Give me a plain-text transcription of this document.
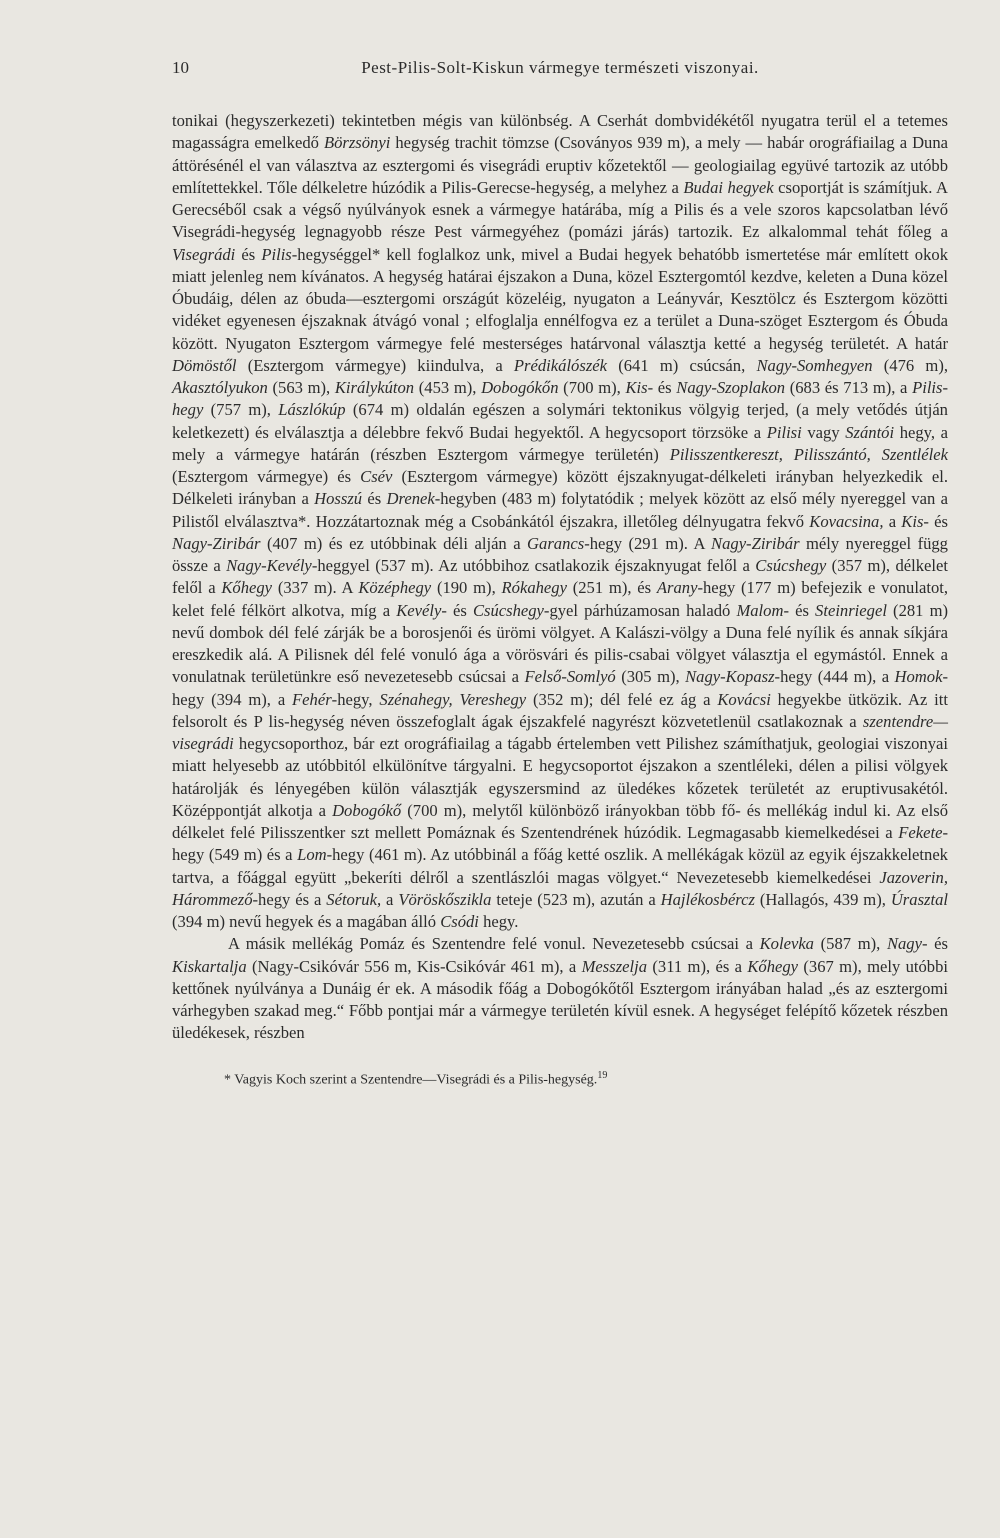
10	Pest-Pilis-Solt-Kiskun vármegye természeti viszonyai.

tonikai (hegyszerkezeti) tekintetben mégis van különbség. A Cserhát dombvidékétől nyugatra terül el a tetemes magasságra emelkedő Börzsönyi hegység trachit tömzse (Csoványos 939 m), a mely — habár orográfiailag a Duna áttörésénél el van választva az esztergomi és visegrádi eruptiv kőzetektől — geologiailag együvé tartozik az utóbb említettekkel. Tőle délkeletre húzódik a Pilis-Gerecse-hegység, a melyhez a Budai hegyek csoportját is számítjuk. A Gerecséből csak a végső nyúlványok esnek a vármegye határába, míg a Pilis és a vele szoros kapcsolatban lévő Visegrádi-hegység legnagyobb része Pest vármegyéhez (pomázi járás) tartozik. Ez alkalommal tehát főleg a Visegrádi és Pilis-hegységgel* kell foglalkoz unk, mivel a Budai hegyek behatóbb ismertetése már említett okok miatt jelenleg nem kívánatos. A hegység határai éjszakon a Duna, közel Esztergomtól kezdve, keleten a Duna közel Óbudáig, délen az óbuda—esztergomi országút közeléig, nyugaton a Leányvár, Kesztölcz és Esztergom közötti vidéket egyenesen éjszaknak átvágó vonal ; elfoglalja ennélfogva ez a terület a Duna-szöget Esztergom és Óbuda között. Nyugaton Esztergom vármegye felé mesterséges határvonal választja ketté a hegység területét. A határ Dömöstől (Esztergom vármegye) kiindulva, a Prédikálószék (641 m) csúcsán, Nagy-Somhegyen (476 m), Akasztólyukon (563 m), Királykúton (453 m), Dobogókőn (700 m), Kis- és Nagy-Szoplakon (683 és 713 m), a Pilis-hegy (757 m), Lászlókúp (674 m) oldalán egészen a solymári tektonikus völgyig terjed, (a mely vetődés útján keletkezett) és elválasztja a délebbre fekvő Budai hegyektől. A hegycsoport törzsöke a Pilisi vagy Szántói hegy, a mely a vármegye határán (részben Esztergom vármegye területén) Pilisszentkereszt, Pilisszántó, Szentlélek (Esztergom vármegye) és Csév (Esztergom vármegye) között éjszaknyugat-délkeleti irányban helyezkedik el. Délkeleti irányban a Hosszú és Drenek-hegyben (483 m) folytatódik ; melyek között az első mély nyereggel van a Pilistől elválasztva*. Hozzátartoznak még a Csobánkától éjszakra, illetőleg délnyugatra fekvő Kovacsina, a Kis- és Nagy-Ziribár (407 m) és ez utóbbinak déli alján a Garancs-hegy (291 m). A Nagy-Ziribár mély nyereggel függ össze a Nagy-Kevély-heggyel (537 m). Az utóbbihoz csatlakozik éjszaknyugat felől a Csúcshegy (357 m), délkelet felől a Kőhegy (337 m). A Középhegy (190 m), Rókahegy (251 m), és Arany-hegy (177 m) befejezik e vonulatot, kelet felé félkört alkotva, míg a Kevély- és Csúcshegy-gyel párhúzamosan haladó Malom- és Steinriegel (281 m) nevű dombok dél felé zárják be a borosjenői és ürömi völgyet. A Kalászi-völgy a Duna felé nyílik és annak síkjára ereszkedik alá. A Pilisnek dél felé vonuló ága a vörösvári és pilis-csabai völgyet választja el egymástól. Ennek a vonulatnak területünkre eső nevezetesebb csúcsai a Felső-Somlyó (305 m), Nagy-Kopasz-hegy (444 m), a Homok-hegy (394 m), a Fehér-hegy, Szénahegy, Vereshegy (352 m); dél felé ez ág a Kovácsi hegyekbe ütközik. Az itt felsorolt és P lis-hegység néven összefoglalt ágak éjszakfelé nagyrészt közvetetlenül csatlakoznak a szentendre—visegrádi hegycsoporthoz, bár ezt orográfiailag a tágabb értelemben vett Pilishez számíthatjuk, geologiai viszonyai miatt helyesebb az utóbbitól elkülönítve tárgyalni. E hegycsoportot éjszakon a szentléleki, délen a pilisi völgyek határolják és lényegében külön választják egyszersmind az üledékes kőzetek területét az eruptivusakétól. Középpontját alkotja a Dobogókő (700 m), melytől különböző irányokban több fő- és mellékág indul ki. Az első délkelet felé Pilisszentker szt mellett Pomáznak és Szentendrének húzódik. Legmagasabb kiemelkedései a Fekete-hegy (549 m) és a Lom-hegy (461 m). Az utóbbinál a főág ketté oszlik. A mellékágak közül az egyik éjszakkeletnek tartva, a főággal együtt „bekeríti délről a szentlászlói magas völgyet.“ Nevezetesebb kiemelkedései Jazoverin, Hárommező-hegy és a Sétoruk, a Vöröskőszikla teteje (523 m), azután a Hajlékosbércz (Hallagós, 439 m), Úrasztal (394 m) nevű hegyek és a magában álló Csódi hegy.

A másik mellékág Pomáz és Szentendre felé vonul. Nevezetesebb csúcsai a Kolevka (587 m), Nagy- és Kiskartalja (Nagy-Csikóvár 556 m, Kis-Csikóvár 461 m), a Messzelja (311 m), és a Kőhegy (367 m), mely utóbbi kettőnek nyúlványa a Dunáig ér ek. A második főág a Dobogókőtől Esztergom irányában halad „és az esztergomi várhegyben szakad meg.“ Főbb pontjai már a vármegye területén kívül esnek. A hegységet felépítő kőzetek részben üledékesek, részben

* Vagyis Koch szerint a Szentendre—Visegrádi és a Pilis-hegység.$^{19}$
